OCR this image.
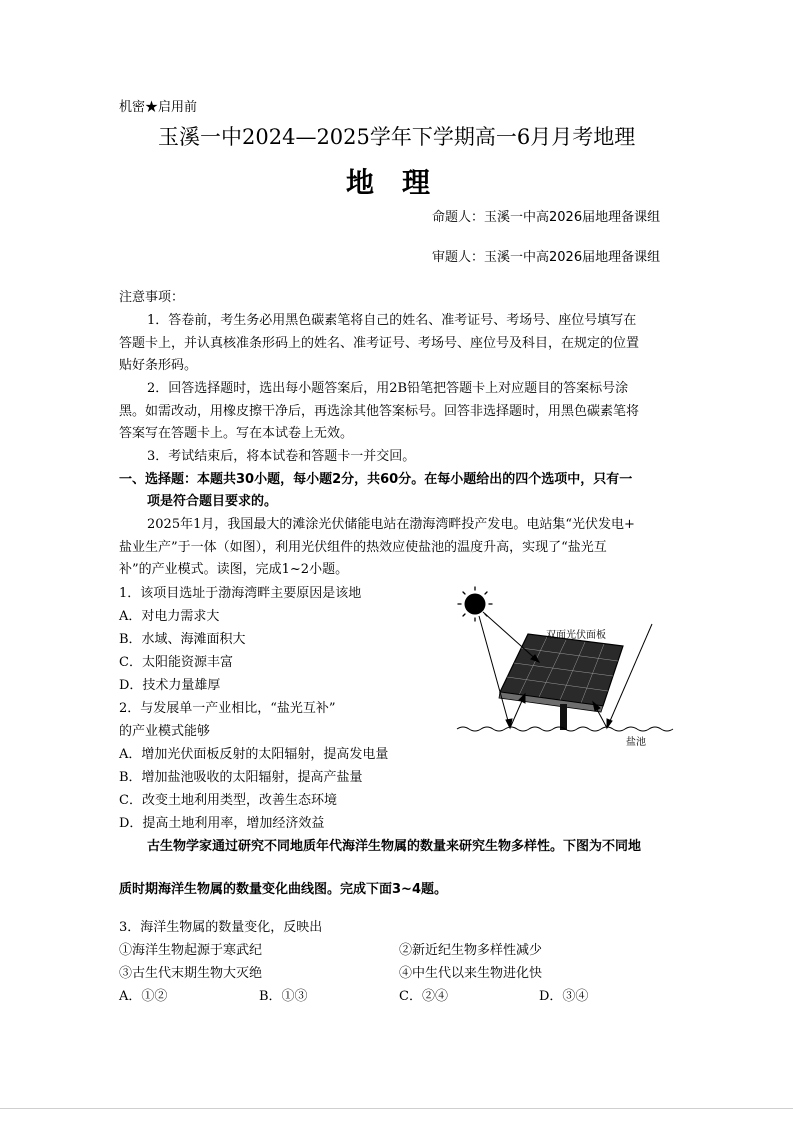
机密★启用前
玉溪一中2024—2025学年下学期高一6月月考地理
地　理
命题人：玉溪一中高2026届地理备课组
审题人：玉溪一中高2026届地理备课组
注意事项：
1．答卷前，考生务必用黑色碳素笔将自己的姓名、准考证号、考场号、座位号填写在
答题卡上，并认真核准条形码上的姓名、准考证号、考场号、座位号及科目，在规定的位置
贴好条形码。
2．回答选择题时，选出每小题答案后，用2B铅笔把答题卡上对应题目的答案标号涂
黑。如需改动，用橡皮擦干净后，再选涂其他答案标号。回答非选择题时，用黑色碳素笔将
答案写在答题卡上。写在本试卷上无效。
3．考试结束后，将本试卷和答题卡一并交回。
一、选择题：本题共30小题，每小题2分，共60分。在每小题给出的四个选项中，只有一
项是符合题目要求的。
2025年1月，我国最大的滩涂光伏储能电站在渤海湾畔投产发电。电站集“光伏发电+
盐业生产”于一体（如图），利用光伏组件的热效应使盐池的温度升高，实现了“盐光互
补”的产业模式。读图，完成1~2小题。
1．该项目选址于渤海湾畔主要原因是该地
A．对电力需求大
B．水域、海滩面积大
C．太阳能资源丰富
D．技术力量雄厚
2．与发展单一产业相比，“盐光互补”
的产业模式能够
A．增加光伏面板反射的太阳辐射，提高发电量
B．增加盐池吸收的太阳辐射，提高产盐量
C．改变土地利用类型，改善生态环境
D．提高土地利用率，增加经济效益
双面光伏面板
盐池
古生物学家通过研究不同地质年代海洋生物属的数量来研究生物多样性。下图为不同地
质时期海洋生物属的数量变化曲线图。完成下面3~4题。
3．海洋生物属的数量变化，反映出
①海洋生物起源于寒武纪	②新近纪生物多样性减少
③古生代末期生物大灭绝	④中生代以来生物进化快
A．①②	B．①③	C．②④	D．③④
